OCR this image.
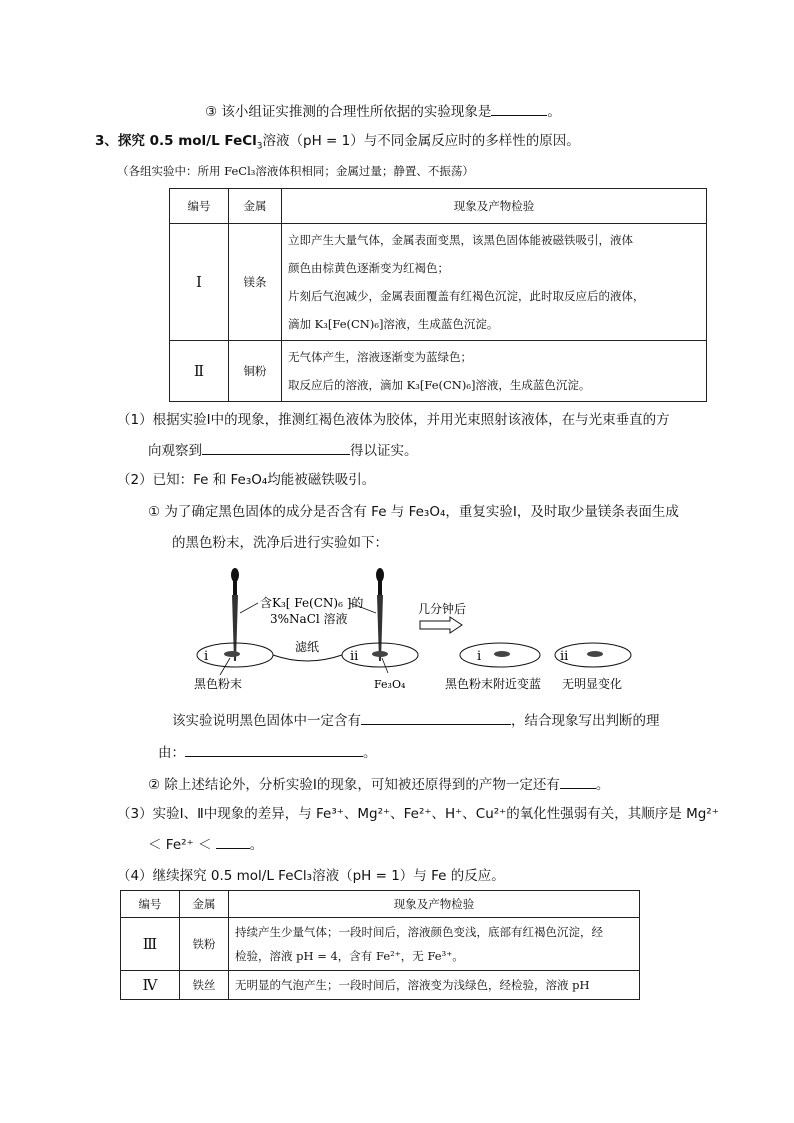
③ 该小组证实推测的合理性所依据的实验现象是	。
3、探究 0.5 mol/L FeCl$_3$溶液（pH = 1）与不同金属反应时的多样性的原因。
（各组实验中：所用 FeCl₃溶液体积相同；金属过量；静置、不振荡）
编号	金属	现象及产物检验
Ⅰ	镁条	立即产生大量气体，金属表面变黑，该黑色固体能被磁铁吸引，液体
颜色由棕黄色逐渐变为红褐色；
片刻后气泡减少，金属表面覆盖有红褐色沉淀，此时取反应后的液体，
滴加 K₃[Fe(CN)₆]溶液，生成蓝色沉淀。

Ⅱ	铜粉	无气体产生，溶液逐渐变为蓝绿色；
取反应后的溶液，滴加 K₃[Fe(CN)₆]溶液，生成蓝色沉淀。
（1）根据实验Ⅰ中的现象，推测红褐色液体为胶体，并用光束照射该液体，在与光束垂直的方
向观察到	得以证实。
（2）已知：Fe 和 Fe₃O₄均能被磁铁吸引。
① 为了确定黑色固体的成分是否含有 Fe 与 Fe₃O₄，重复实验Ⅰ，及时取少量镁条表面生成
的黑色粉末，洗净后进行实验如下：
含K₃[ Fe(CN)₆ ]的
3%NaCl 溶液
几分钟后
滤纸
i	ii	i	ii
黑色粉末	Fe₃O₄	黑色粉末附近变蓝 无明显变化
该实验说明黑色固体中一定含有	，结合现象写出判断的理
由：	。
② 除上述结论外，分析实验Ⅰ的现象，可知被还原得到的产物一定还有	。
（3）实验Ⅰ、Ⅱ中现象的差异，与 Fe³⁺、Mg²⁺、Fe²⁺、H⁺、Cu²⁺的氧化性强弱有关，其顺序是 Mg²⁺
＜ Fe²⁺ ＜	。
（4）继续探究 0.5 mol/L FeCl₃溶液（pH = 1）与 Fe 的反应。
编号	金属	现象及产物检验
Ⅲ	铁粉	持续产生少量气体；一段时间后，溶液颜色变浅，底部有红褐色沉淀，经
检验，溶液 pH = 4，含有 Fe²⁺，无 Fe³⁺。

Ⅳ	铁丝	无明显的气泡产生；一段时间后，溶液变为浅绿色，经检验，溶液 pH
